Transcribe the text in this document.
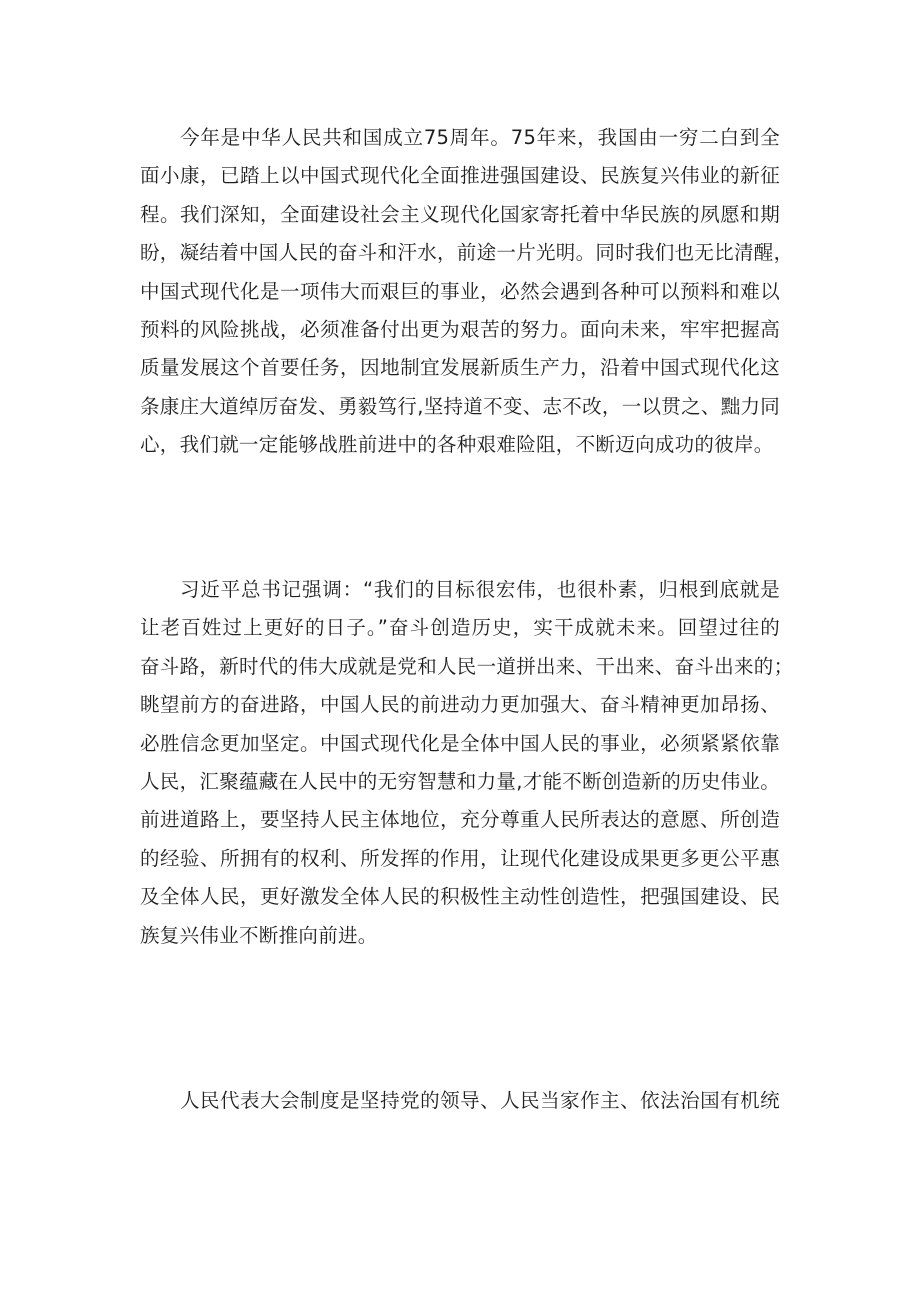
今年是中华人民共和国成立75周年。75年来，我国由一穷二白到全
面小康，已踏上以中国式现代化全面推进强国建设、民族复兴伟业的新征
程。我们深知，全面建设社会主义现代化国家寄托着中华民族的夙愿和期
盼，凝结着中国人民的奋斗和汗水，前途一片光明。同时我们也无比清醒，
中国式现代化是一项伟大而艰巨的事业，必然会遇到各种可以预料和难以
预料的风险挑战，必须准备付出更为艰苦的努力。面向未来，牢牢把握高
质量发展这个首要任务，因地制宜发展新质生产力，沿着中国式现代化这
条康庄大道绰厉奋发、勇毅笃行,坚持道不变、志不改，一以贯之、黜力同
心，我们就一定能够战胜前进中的各种艰难险阻，不断迈向成功的彼岸。
习近平总书记强调：“我们的目标很宏伟，也很朴素，归根到底就是
让老百姓过上更好的日子。”奋斗创造历史，实干成就未来。回望过往的
奋斗路，新时代的伟大成就是党和人民一道拼出来、干出来、奋斗出来的；
眺望前方的奋进路，中国人民的前进动力更加强大、奋斗精神更加昂扬、
必胜信念更加坚定。中国式现代化是全体中国人民的事业，必须紧紧依靠
人民，汇聚蕴藏在人民中的无穷智慧和力量,才能不断创造新的历史伟业。
前进道路上，要坚持人民主体地位，充分尊重人民所表达的意愿、所创造
的经验、所拥有的权利、所发挥的作用，让现代化建设成果更多更公平惠
及全体人民，更好激发全体人民的积极性主动性创造性，把强国建设、民
族复兴伟业不断推向前进。
人民代表大会制度是坚持党的领导、人民当家作主、依法治国有机统
